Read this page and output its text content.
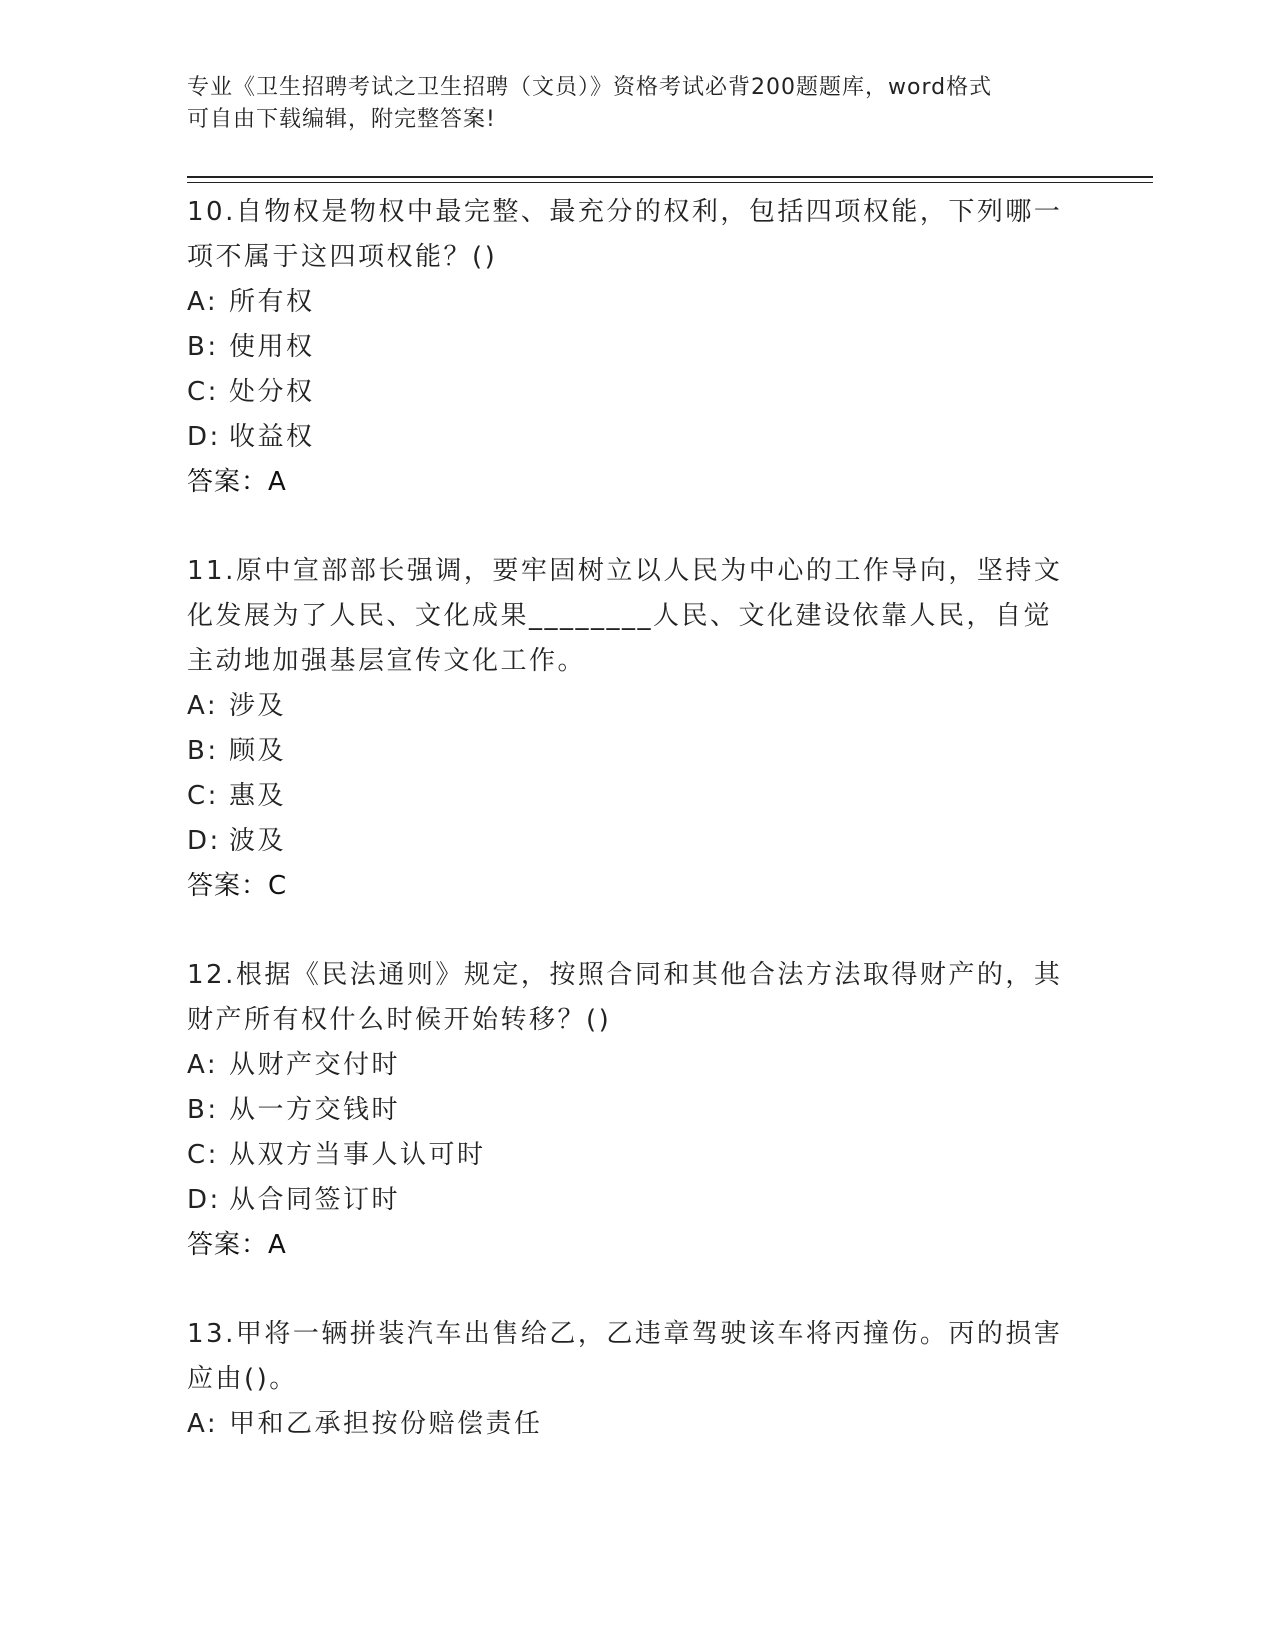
专业《卫生招聘考试之卫生招聘（文员）》资格考试必背200题题库，word格式
可自由下载编辑，附完整答案!
10.自物权是物权中最完整、最充分的权利，包括四项权能，下列哪一
项不属于这四项权能？()
A: 所有权
B: 使用权
C: 处分权
D: 收益权
答案：A
11.原中宣部部长强调，要牢固树立以人民为中心的工作导向，坚持文
化发展为了人民、文化成果________人民、文化建设依靠人民，自觉
主动地加强基层宣传文化工作。
A: 涉及
B: 顾及
C: 惠及
D: 波及
答案：C
12.根据《民法通则》规定，按照合同和其他合法方法取得财产的，其
财产所有权什么时候开始转移？()
A: 从财产交付时
B: 从一方交钱时
C: 从双方当事人认可时
D: 从合同签订时
答案：A
13.甲将一辆拼装汽车出售给乙，乙违章驾驶该车将丙撞伤。丙的损害
应由()。
A: 甲和乙承担按份赔偿责任
